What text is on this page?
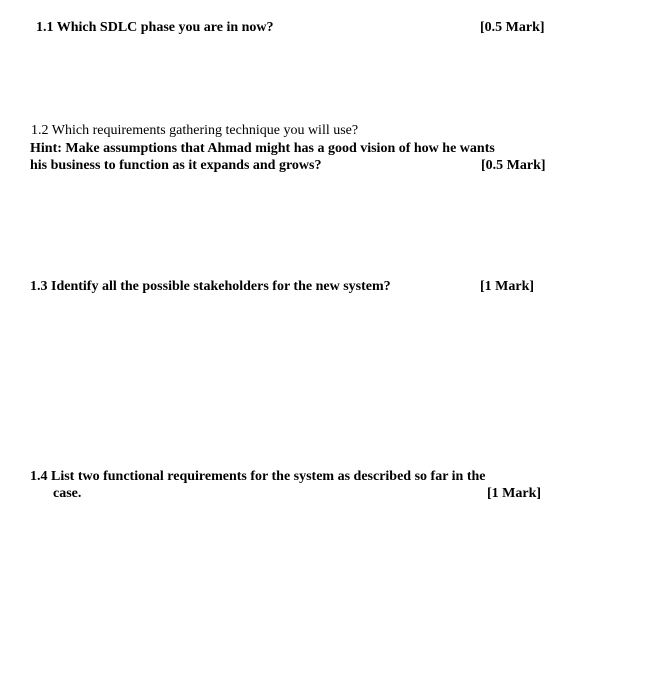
1.1 Which SDLC phase you are in now?	[0.5 Mark]
1.2 Which requirements gathering technique you will use?
Hint: Make assumptions that Ahmad might has a good vision of how he wants
his business to function as it expands and grows?	[0.5 Mark]
1.3 Identify all the possible stakeholders for the new system?	[1 Mark]
1.4 List two functional requirements for the system as described so far in the
case.	[1 Mark]
